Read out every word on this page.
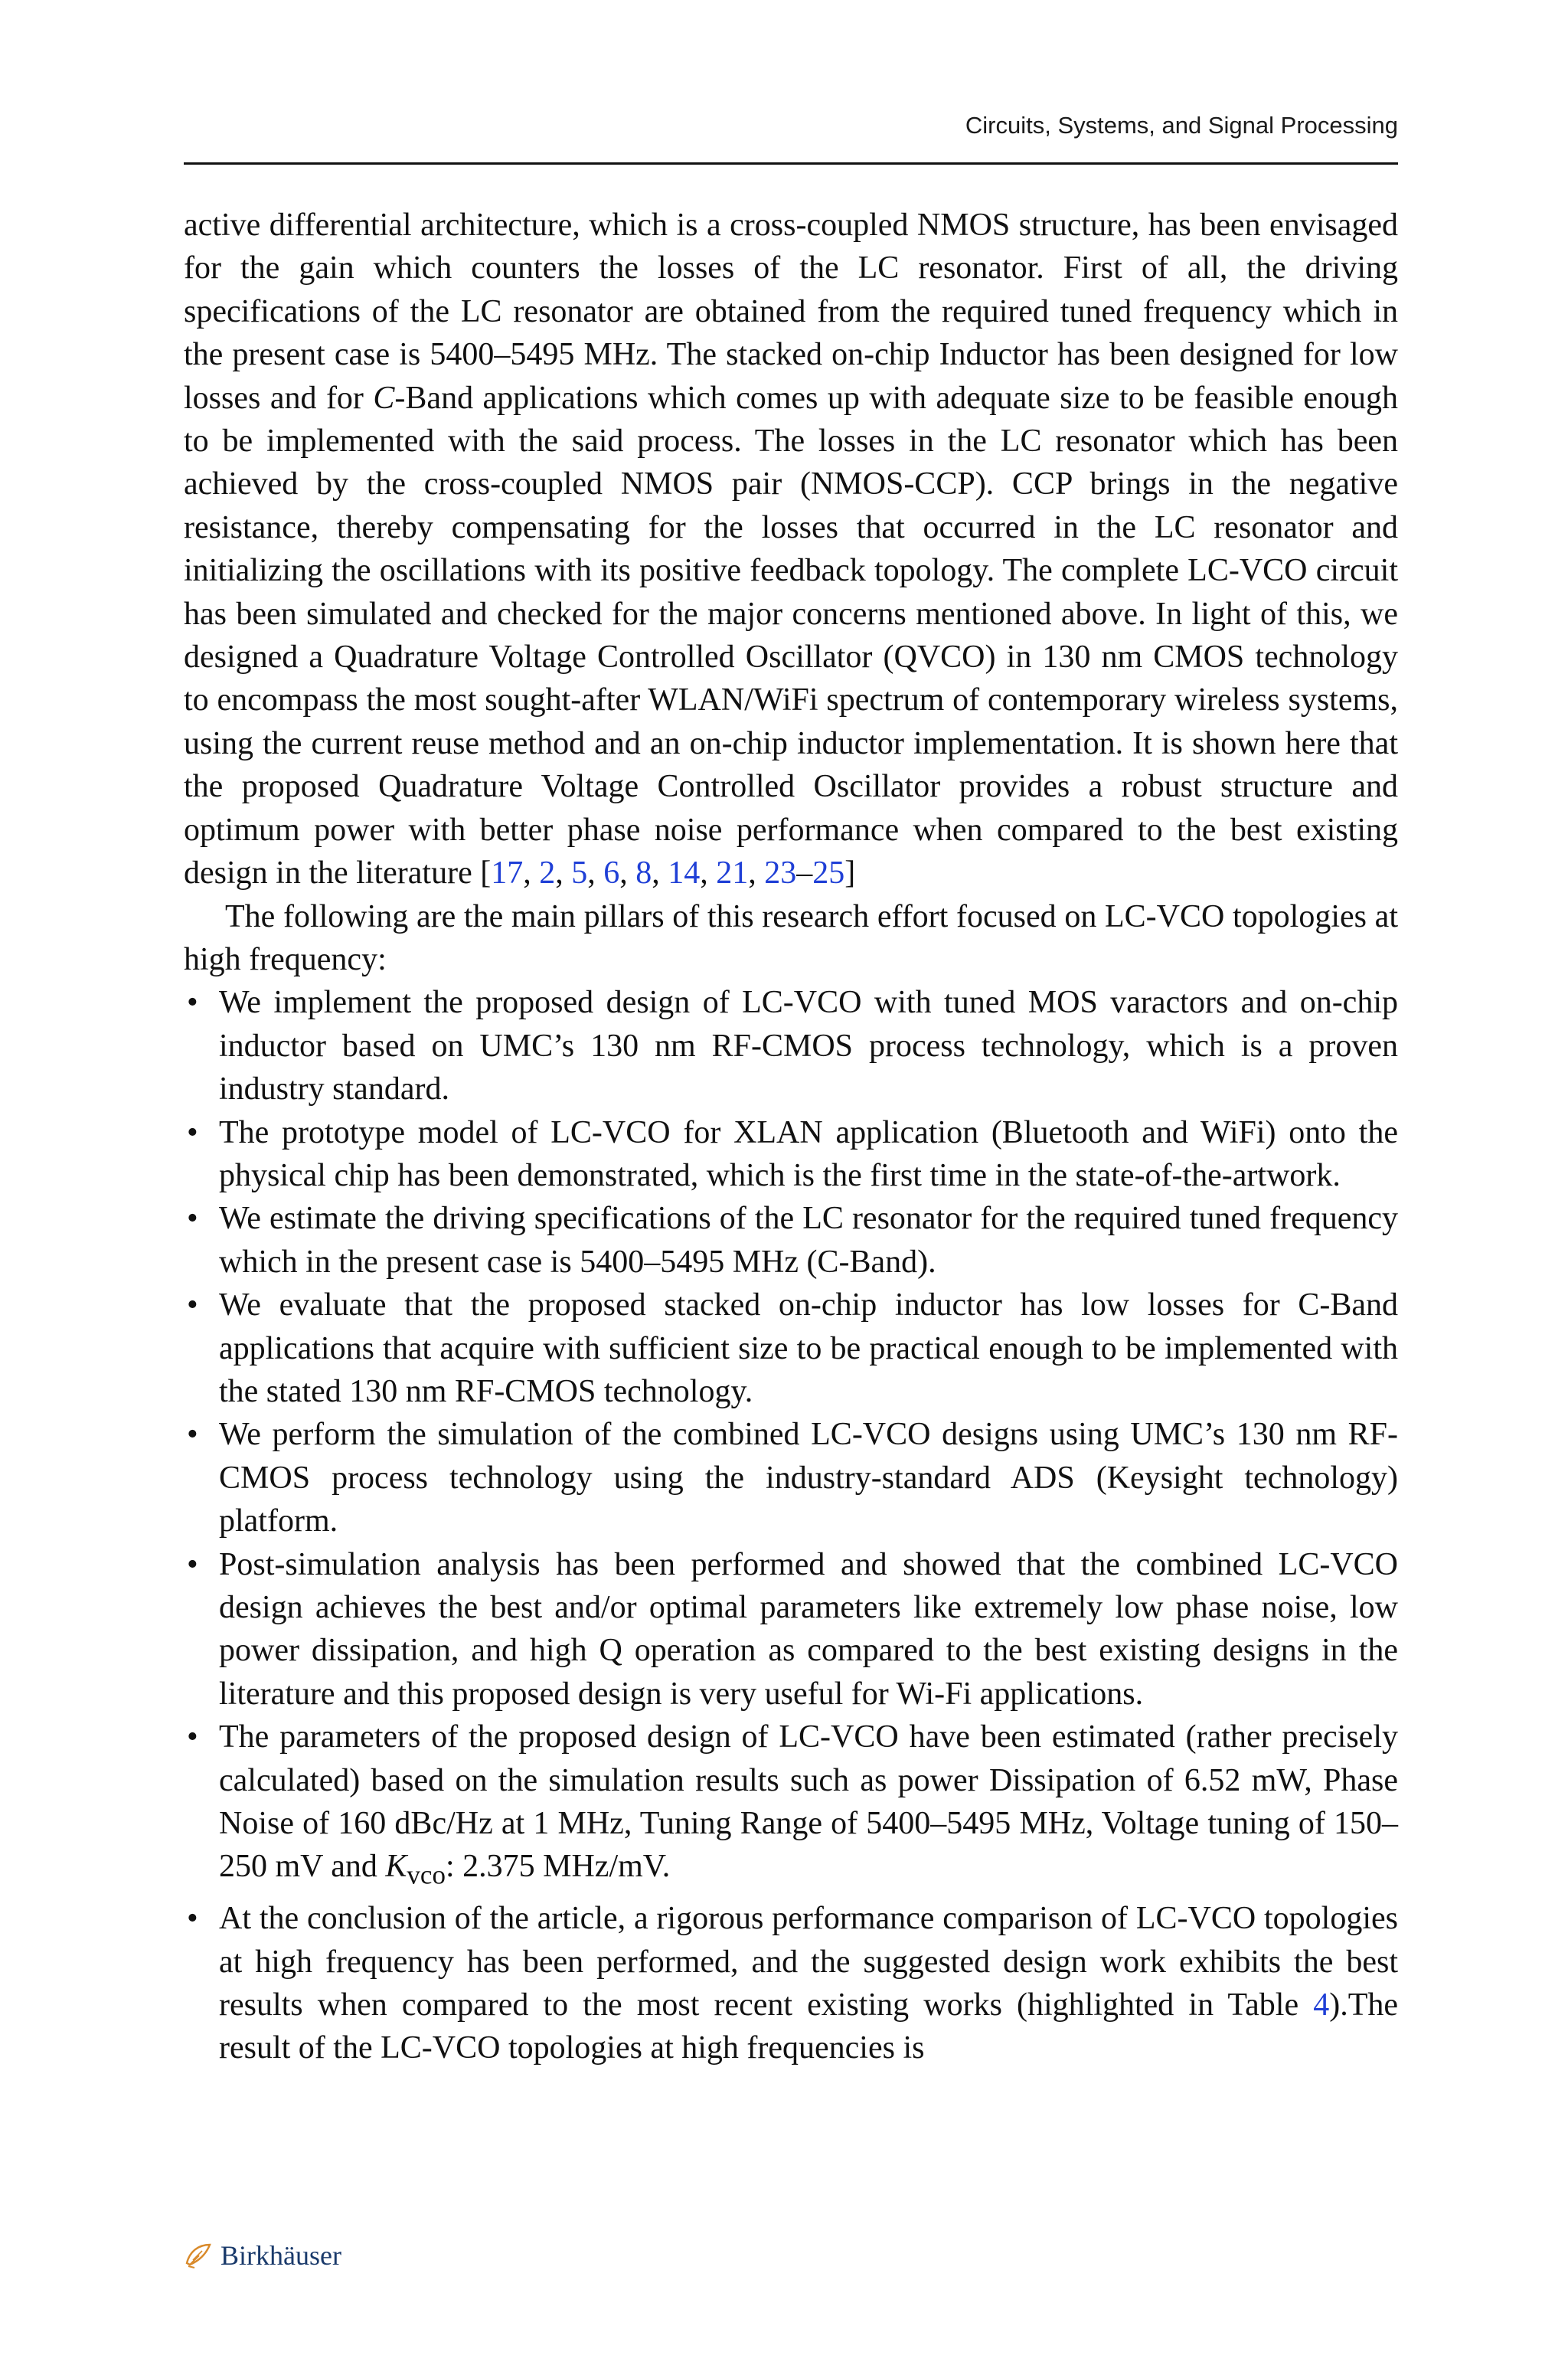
Circuits, Systems, and Signal Processing

active differential architecture, which is a cross-coupled NMOS structure, has been envisaged for the gain which counters the losses of the LC resonator. First of all, the driving specifications of the LC resonator are obtained from the required tuned frequency which in the present case is 5400–5495 MHz. The stacked on-chip Inductor has been designed for low losses and for C-Band applications which comes up with adequate size to be feasible enough to be implemented with the said process. The losses in the LC resonator which has been achieved by the cross-coupled NMOS pair (NMOS-CCP). CCP brings in the negative resistance, thereby compensating for the losses that occurred in the LC resonator and initializing the oscillations with its positive feedback topology. The complete LC-VCO circuit has been simulated and checked for the major concerns mentioned above. In light of this, we designed a Quadrature Voltage Controlled Oscillator (QVCO) in 130 nm CMOS technology to encompass the most sought-after WLAN/WiFi spectrum of contemporary wireless systems, using the current reuse method and an on-chip inductor implementation. It is shown here that the proposed Quadrature Voltage Controlled Oscillator provides a robust structure and optimum power with better phase noise performance when compared to the best existing design in the literature [17, 2, 5, 6, 8, 14, 21, 23–25]

The following are the main pillars of this research effort focused on LC-VCO topologies at high frequency:

• We implement the proposed design of LC-VCO with tuned MOS varactors and on-chip inductor based on UMC’s 130 nm RF-CMOS process technology, which is a proven industry standard.
• The prototype model of LC-VCO for XLAN application (Bluetooth and WiFi) onto the physical chip has been demonstrated, which is the first time in the state-of-the-artwork.
• We estimate the driving specifications of the LC resonator for the required tuned frequency which in the present case is 5400–5495 MHz (C-Band).
• We evaluate that the proposed stacked on-chip inductor has low losses for C-Band applications that acquire with sufficient size to be practical enough to be implemented with the stated 130 nm RF-CMOS technology.
• We perform the simulation of the combined LC-VCO designs using UMC’s 130 nm RF-CMOS process technology using the industry-standard ADS (Keysight technology) platform.
• Post-simulation analysis has been performed and showed that the combined LC-VCO design achieves the best and/or optimal parameters like extremely low phase noise, low power dissipation, and high Q operation as compared to the best existing designs in the literature and this proposed design is very useful for Wi-Fi applications.
• The parameters of the proposed design of LC-VCO have been estimated (rather precisely calculated) based on the simulation results such as power Dissipation of 6.52 mW, Phase Noise of 160 dBc/Hz at 1 MHz, Tuning Range of 5400–5495 MHz, Voltage tuning of 150–250 mV and $K_{vco}$: 2.375 MHz/mV.
• At the conclusion of the article, a rigorous performance comparison of LC-VCO topologies at high frequency has been performed, and the suggested design work exhibits the best results when compared to the most recent existing works (highlighted in Table 4).The result of the LC-VCO topologies at high frequencies is
Birkhäuser
